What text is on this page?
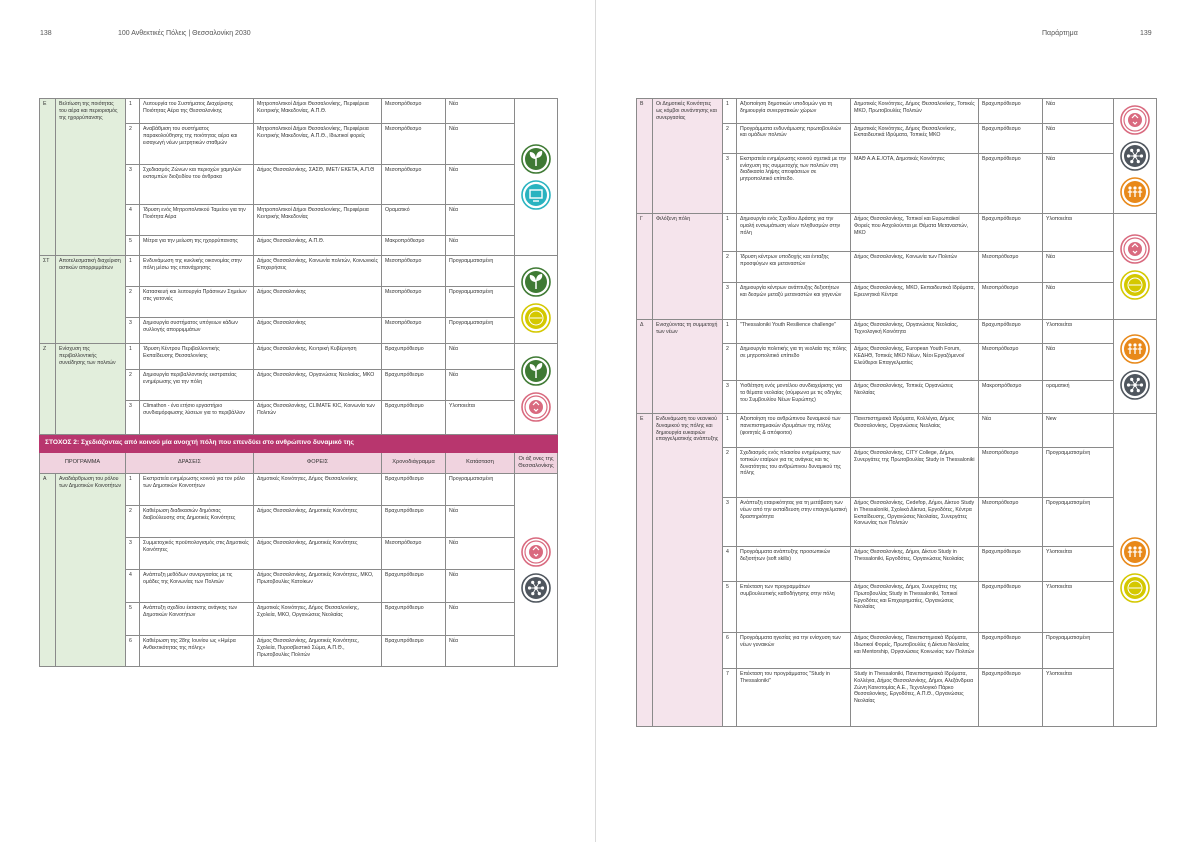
138	100 Ανθεκτικές Πόλεις | Θεσσαλονίκη 2030
Ε	Βελτίωση της ποιότητας του αέρα και περιορισμός της ηχορρύπανσης	1	Λειτουργία του Συστήματος Διαχείρισης Ποιότητας Αέρα της Θεσσαλονίκης	Μητροπολιτικοί Δήμοι Θεσσαλονίκης, Περιφέρεια Κεντρικής Μακεδονίας, Α.Π.Θ.	Μεσοπρόθεσμο	Νέα	

		2	Αναβάθμιση του συστήματος παρακολούθησης της ποιότητας αέρα και εισαγωγή νέων μετρητικών σταθμών	Μητροπολιτικοί Δήμοι Θεσσαλονίκης, Περιφέρεια Κεντρικής Μακεδονίας, Α.Π.Θ., Ιδιωτικοί φορείς	Μεσοπρόθεσμο	Νέα	
		3	Σχεδιασμός Ζώνων και περιοχών χαμηλών εκπομπών διοξειδίου του άνθρακα	Δήμος Θεσσαλονίκης, ΣΑΣΘ, ΙΜΕΤ/ ΕΚΕΤΑ, Α.Π.Θ	Μεσοπρόθεσμο	Νέα	
		4	Ίδρυση ενός Μητροπολιτικού Ταμείου για την Ποιότητα Αέρα	Μητροπολιτικοί Δήμοι Θεσσαλονίκης, Περιφέρεια Κεντρικής Μακεδονίας	Οραματικό	Νέα	
		5	Μέτρα για την μείωση της ηχορρύπανσης	Δήμος Θεσσαλονίκης, Α.Π.Θ.	Μακροπρόθεσμο	Νέα	
ΣΤ	Αποτελεσματική διαχείριση αστικών απορριμμάτων	1	Ενδυνάμωση της κυκλικής οικονομίας στην πόλη μέσω της επανάχρησης	Δήμος Θεσσαλονίκης, Κοινωνία πολιτών, Κοινωνικές Επιχειρήσεις	Μεσοπρόθεσμο	Προγραμματισμένη	

		2	Κατασκευή και λειτουργία Πράσινων Σημείων στις γειτονιές	Δήμος Θεσσαλονίκης	Μεσοπρόθεσμο	Προγραμματισμένη	
		3	Δημιουργία συστήματος υπόγειων κάδων συλλογής απορριμμάτων	Δήμος Θεσσαλονίκης	Μεσοπρόθεσμο	Προγραμματισμένη	
Ζ	Ενίσχυση της περιβαλλοντικής συνείδησης των πολιτών	1	Ίδρυση Κέντρου Περιβαλλοντικής Εκπαίδευσης Θεσσαλονίκης	Δήμος Θεσσαλονίκης, Κεντρική Κυβέρνηση	Βραχυπρόθεσμο	Νέα	

		2	Δημιουργία περιβαλλοντικής εκστρατείας ενημέρωσης για την πόλη	Δήμος Θεσσαλονίκης, Οργανώσεις Νεολαίας, ΜΚΟ	Βραχυπρόθεσμο	Νέα	
		3	Climathon - ένα ετήσιο εργαστήριο συνδιαμόρφωσης λύσεων για το περιβάλλον	Δήμος Θεσσαλονίκης, CLIMATE KIC, Κοινωνία των Πολιτών	Βραχυπρόθεσμο	Υλοποιείται	
ΣΤΟΧΟΣ 2: Σχεδιάζοντας από κοινού μία ανοιχτή πόλη που επενδύει στο ανθρώπινο δυναμικό της							
ΠΡΟΓΡΑΜΜΑ		ΔΡΑΣΕΙΣ		ΦΟΡΕΙΣ	Χρονοδιάγραμμα	Κατάσταση	Οι άξ ονες της Θεσσαλονίκης
Α	Αναδιάρθρωση του ρόλου των Δημοτικών Κοινοτήτων	1	Εκστρατεία ενημέρωσης κοινού για τον ρόλο των Δημοτικών Κοινοτήτων	Δημοτικές Κοινότητες, Δήμος Θεσσαλονίκης	Βραχυπρόθεσμο	Προγραμματισμένη	

		2	Καθιέρωση διαδικασιών δημόσιας διαβούλευσης στις Δημοτικές Κοινότητες	Δήμος Θεσσαλονίκης, Δημοτικές Κοινότητες	Βραχυπρόθεσμο	Νέα	
		3	Συμμετοχικός προϋπολογισμός στις Δημοτικές Κοινότητες	Δήμος Θεσσαλονίκης, Δημοτικές Κοινότητες	Μεσοπρόθεσμο	Νέα	
		4	Ανάπτυξη μεθόδων συνεργασίας με τις ομάδες της Κοινωνίας των Πολιτών	Δήμος Θεσσαλονίκης, Δημοτικές Κοινότητες, ΜΚΟ, Πρωτοβουλίες Κατοίκων	Βραχυπρόθεσμο	Νέα	
		5	Ανάπτυξη σχεδίου έκτακτης ανάγκης των Δημοτικών Κοινοτήτων	Δημοτικές Κοινότητες, Δήμος Θεσσαλονίκης, Σχολεία, ΜΚΟ, Οργανώσεις Νεολαίας	Βραχυπρόθεσμο	Νέα	
		6	Καθιέρωση της 28ης Ιουνίου ως «Ημέρα Ανθεκτικότητας της πόλης»	Δήμος Θεσσαλονίκης, Δημοτικές Κοινότητες, Σχολεία, Πυροσβεστικό Σώμα, Α.Π.Θ., Πρωτοβουλίες Πολιτών	Βραχυπρόθεσμο	Νέα	
Παράρτημα	139
Β	Οι Δημοτικές Κοινότητες ως κόμβοι συνάντησης και συνεργασίας	1	Αξιοποίηση δημοτικών υποδομών για τη δημιουργία συνεργατικών χώρων	Δημοτικές Κοινότητες, Δήμος Θεσσαλονίκης, Τοπικές ΜΚΟ, Πρωτοβουλίες Πολιτών	Βραχυπρόθεσμο	Νέα	

		2	Προγράμματα ενδυνάμωσης πρωτοβουλιών και ομάδων πολιτών	Δημοτικές Κοινότητες, Δήμος Θεσσαλονίκης, Εκπαιδευτικά Ιδρύματα, Τοπικές ΜΚΟ	Βραχυπρόθεσμο	Νέα	
		3	Εκστρατεία ενημέρωσης κοινού σχετικά με την ενίσχυση της συμμετοχής των πολιτών στη διαδικασία λήψης αποφάσεων σε μητροπολιτικό επίπεδο.	ΜΑΘ Α.Α.Ε./ΟΤΑ, Δημοτικές Κοινότητες	Βραχυπρόθεσμο	Νέα	
Γ	Φιλόξενη πόλη	1	Δημιουργία ενός Σχεδίου Δράσης για την ομαλή ενσωμάτωση νέων πληθυσμών στην πόλη	Δήμος Θεσσαλονίκης, Τοπικοί και Ευρωπαϊκοί Φορείς που Ασχολούνται με Θέματα Μεταναστών, ΜΚΟ	Βραχυπρόθεσμο	Υλοποιείται	

		2	Ίδρυση κέντρων υποδοχής και ένταξης προσφύγων και μεταναστών	Δήμος Θεσσαλονίκης, Κοινωνία των Πολιτών	Μεσοπρόθεσμο	Νέα	
		3	Δημιουργία κέντρων ανάπτυξης δεξιοτήτων και δεσμών μεταξύ μεταναστών και γηγενών	Δήμος Θεσσαλονίκης, ΜΚΟ, Εκπαιδευτικά Ιδρύματα, Ερευνητικά Κέντρα	Μεσοπρόθεσμο	Νέα	
Δ	Ενισχύοντας τη συμμετοχή των νέων	1	"Thessaloniki Youth Resilience challenge"	Δήμος Θεσσαλονίκης, Οργανώσεις Νεολαίας, Τεχνολογική Κοινότητα	Βραχυπρόθεσμο	Υλοποιείται	

		2	Δημιουργία πολιτικής για τη νεολαία της πόλης σε μητροπολιτικό επίπεδο	Δήμος Θεσσαλονίκης, European Youth Forum, ΚΕΔΗΘ, Τοπικές ΜΚΟ Νέων, Νέοι Εργαζόμενοι/ Ελεύθεροι Επαγγελματίες	Μεσοπρόθεσμο	Νέα	
		3	Υιοθέτηση ενός μοντέλου συνδιαχείρισης για τα θέματα νεολαίας (σύμφωνα με τις οδηγίες του Συμβουλίου Νέων Ευρώπης)	Δήμος Θεσσαλονίκης, Τοπικές Οργανώσεις Νεολαίας	Μακροπρόθεσμο	οραματική	
Ε	Ενδυνάμωση του νεανικού δυναμικού της πόλης και δημιουργία ευκαιριών επαγγελματικής ανάπτυξης	1	Αξιοποίηση του ανθρώπινου δυναμικού των πανεπιστημιακών ιδρυμάτων της πόλης (φοιτητές & απόφοιτοι)	Πανεπιστημιακά Ιδρύματα, Κολλέγια, Δήμος Θεσσαλονίκης, Οργανώσεις Νεολαίας	Νέα	New	

		2	Σχεδιασμός ενός πλαισίου ενημέρωσης των τοπικών εταίρων για τις ανάγκες και τις δυνατότητες του ανθρώπινου δυναμικού της πόλης	Δήμος Θεσσαλονίκης, CITY College, Δήμοι, Συνεργάτες της Πρωτοβουλίας Study in Thessaloniki	Μεσοπρόθεσμο	Προγραμματισμένη	
		3	Ανάπτυξη εταιρικότητας για τη μετάβαση των νέων από την εκπαίδευση στην επαγγελματική δραστηριότητα	Δήμος Θεσσαλονίκης, Cedefop, Δήμοι, Δίκτυο Study in Thessaloniki, Σχολικά Δίκτυα, Εργοδότες, Κέντρα Εκπαίδευσης, Οργανώσεις Νεολαίας, Συνεργάτες Κοινωνίας των Πολιτών	Μεσοπρόθεσμο	Προγραμματισμένη	
		4	Προγράμματα ανάπτυξης προσωπικών δεξιοτήτων (soft skills)	Δήμος Θεσσαλονίκης, Δήμοι, Δίκτυο Study in Thessaloniki, Εργοδότες, Οργανώσεις Νεολαίας	Βραχυπρόθεσμο	Υλοποιείται	
		5	Επέκταση των προγραμμάτων συμβουλευτικής καθοδήγησης στην πόλη	Δήμος Θεσσαλονίκης, Δήμοι, Συνεργάτες της Πρωτοβουλίας Study in Thessaloniki, Τοπικοί Εργοδότες και Επιχειρηματίες, Οργανώσεις Νεολαίας	Βραχυπρόθεσμο	Υλοποιείται	
		6	Προγράμματα ηγεσίας για την ενίσχυση των νέων γυναικών	Δήμος Θεσσαλονίκης, Πανεπιστημιακά Ιδρύματα, Ιδιωτικοί Φορείς, Πρωτοβουλίες ή Δίκτυα Νεολαίας και Mentorship, Οργανώσεις Κοινωνίας των Πολιτών	Βραχυπρόθεσμο	Προγραμματισμένη	
		7	Επέκταση του προγράμματος "Study in Thessaloniki"	Study in Thessaloniki, Πανεπιστημιακά Ιδρύματα, Κολλέγια, Δήμος Θεσσαλονίκης, Δήμοι, Αλεξάνδρεια Ζώνη Καινοτομίας Α.Ε., Τεχνολογικό Πάρκο Θεσσαλονίκης, Εργοδότες, Α.Π.Θ., Οργανώσεις Νεολαίας	Βραχυπρόθεσμο	Υλοποιείται	
